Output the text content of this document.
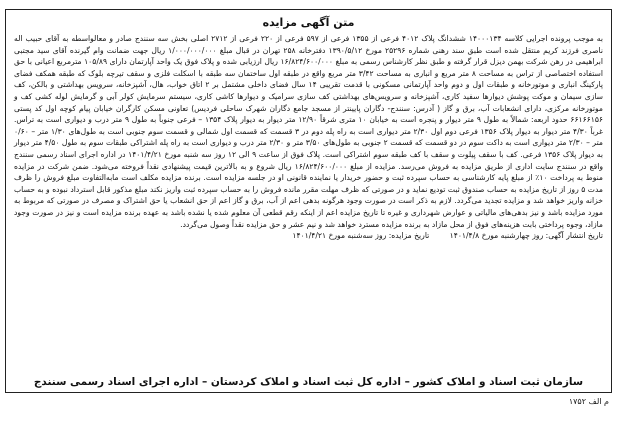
متن آگهی مزایده

به موجب پرونده اجرایی کلاسه ۱۴۰۰۰۱۳۴ ششدانگ پلاک ۴۰۱۲ فرعی از ۱۳۵۵ فرعی از ۵۹۷ فرعی از ۲۲۰ فرعی از ۲۷۱۲ اصلی بخش سه سنندج صادر و معالواسطه به آقای حبیب اله ناصری فرزند کریم منتقل شده است طبق سند رهنی شماره ۲۵۲۹۶ مورخ ۱۳۹۰/۵/۱۲ دفترخانه ۲۵۸ تهران در قبال مبلغ ۱/۰۰۰/۰۰۰/۰۰۰ ریال جهت ضمانت وام گیرنده آقای سید مجتبی ابراهیمی در رهن شرکت بهمن دیزل قرار گرفته و طبق نظر کارشناس رسمی به مبلغ ۱۶/۸۲۴/۶۰۰/۰۰۰ ریال ارزیابی شده و پلاک فوق یک واحد آپارتمان دارای ۱۰۵/۸۹ مترمربع اعیانی با حق استفاده اختصاصی از تراس به مساحت ۸ متر مربع و انباری به مساحت ۳/۴۲ متر مربع واقع در طبقه اول ساختمان سه طبقه با اسکلت فلزی و سقف تیرچه بلوک که طبقه همکف فضای پارکینگ انباری و موتورخانه و طبقات اول و دوم واحد آپارتمانی مسکونی با قدمت تقریبی ۱۴ سال فضای داخلی مشتمل بر ۲ اتاق خواب، هال، آشپزخانه، سرویس بهداشتی و بالکن، کف سازی سیمان و موکت پوشش دیوارها سفید کاری، آشپزخانه و سرویس‌های بهداشتی کف سازی سرامیک و دیوارها کاشی کاری، سیستم سرمایش کولر آبی و گرمایش لوله کشی کف و موتورخانه مرکزی، دارای انشعابات آب، برق و گاز ( آدرس: سنندج- دگاران پایینتر از مسجد جامع دگاران شهرک ساحلی فردیس) تعاونی مسکن کارگران خیابان پیام کوچه اول کد پستی ۶۶۱۶۶۱۵۶ حدود اربعه: شمالاً به طول ۹ متر دیوار و پنجره است به خیابان ۱۰ متری شرقاً ۱۲/۹۰ متر دیوار به دیوار پلاک ۱۳۵۴ – فرعی جنوباً به طول ۹ متر درب و دیواری است به تراس. غرباً ۴/۳۰ متر دیوار به دیوار پلاک ۱۳۵۶ فرعی دوم اول ۲/۳۰ متر دیواری است به راه پله دوم در ۳ قسمت که قسمت اول شمالی و قسمت سوم جنوبی است به طول‌های ۱/۳۰ متر – ۰/۶۰ متر – ۲/۳۰ متر دیواری است به داکت سوم در دو قسمت که قسمت ۲ جنوبی به طول‌های ۳/۵۰ متر و ۲/۳۰ متر درب و دیواری است به راه پله اشتراکی طبقات سوم به طول ۴/۵۰ متر دیوار به دیوار پلاک ۱۳۵۶ فرعی. کف با سقف پیلوت و سقف با کف طبقه سوم اشتراکی است. پلاک فوق از ساعت ۹ الی ۱۲ روز سه شنبه مورخ ۱۴۰۱/۴/۲۱ در اداره اجرای اسناد رسمی سنندج واقع در سنندج سایت اداری از طریق مزایده به فروش می‌رسد. مزایده از مبلغ ۱۶/۸۲۴/۶۰۰/۰۰۰ ریال شروع و به بالاترین قیمت پیشنهادی نقداً فروخته می‌شود. ضمن شرکت در مزایده منوط به پرداخت ۱۰٪ از مبلغ پایه کارشناسی به حساب سپرده ثبت و حضور خریدار یا نماینده قانونی او در جلسه مزایده است. برنده مزایده مکلف است مابه‌التفاوت مبلغ فروش را ظرف مدت ۵ روز از تاریخ مزایده به حساب صندوق ثبت تودیع نماید و در صورتی که ظرف مهلت مقرر مانده فروش را به حساب سپرده ثبت واریز نکند مبلغ مذکور قابل استرداد نبوده و به حساب خزانه واریز خواهد شد و مزایده تجدید می‌گردد. لازم به ذکر است در صورت وجود هرگونه بدهی اعم از آب، برق و گاز اعم از حق انشعاب یا حق اشتراک و مصرف در صورتی که مربوط به مورد مزایده باشد و نیز بدهی‌های مالیاتی و عوارض شهرداری و غیره تا تاریخ مزایده اعم از اینکه رقم قطعی آن معلوم شده یا نشده باشد به عهده برنده مزایده است و نیز در صورت وجود مازاد، وجوه پرداختی بابت هزینه‌های فوق از محل مازاد به برنده مزایده مسترد خواهد شد و نیم عشر و حق مزایده نقداً وصول می‌گردد.

تاریخ انتشار آگهی: روز چهارشنبه مورخ ۱۴۰۱/۴/۸ تاریخ مزایده: روز سه‌شنبه مورخ ۱۴۰۱/۴/۲۱
سازمان ثبت اسناد و املاک کشور – اداره کل ثبت اسناد و املاک کردستان – اداره اجرای اسناد رسمی سنندج
م الف ۱۷۵۲
